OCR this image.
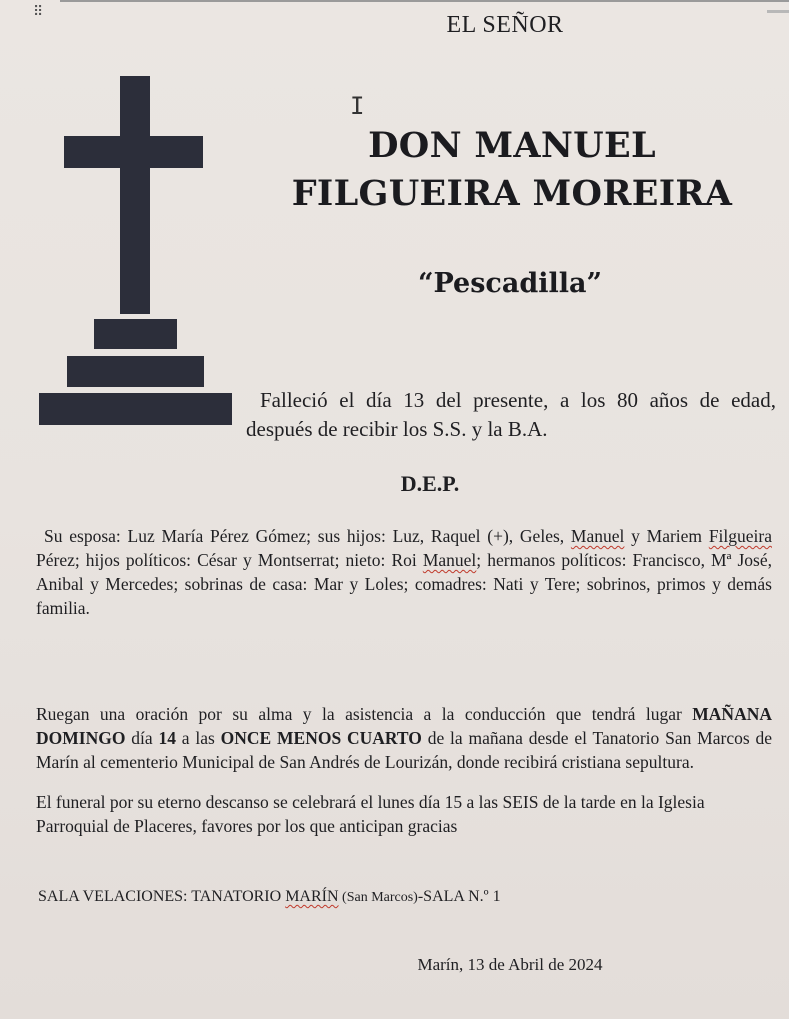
⠿
I
EL SEÑOR
DON MANUEL
FILGUEIRA MOREIRA
“Pescadilla”
Falleció el día 13 del presente, a los 80 años de edad, después de recibir los S.S. y la B.A.
D.E.P.
Su esposa: Luz María Pérez Gómez; sus hijos: Luz, Raquel (+), Geles, Manuel y Mariem Filgueira Pérez; hijos políticos: César y Montserrat; nieto: Roi Manuel; hermanos políticos: Francisco, Mª José, Anibal y Mercedes; sobrinas de casa: Mar y Loles; comadres: Nati y Tere; sobrinos, primos y demás familia.
Ruegan una oración por su alma y la asistencia a la conducción que tendrá lugar MAÑANA DOMINGO día 14 a las ONCE MENOS CUARTO de la mañana desde el Tanatorio San Marcos de Marín al cementerio Municipal de San Andrés de Lourizán, donde recibirá cristiana sepultura.
El funeral por su eterno descanso se celebrará el lunes día 15 a las SEIS de la tarde en la Iglesia Parroquial de Placeres, favores por los que anticipan gracias
SALA VELACIONES: TANATORIO MARÍN (San Marcos)-SALA N.º 1
Marín, 13 de Abril de 2024
